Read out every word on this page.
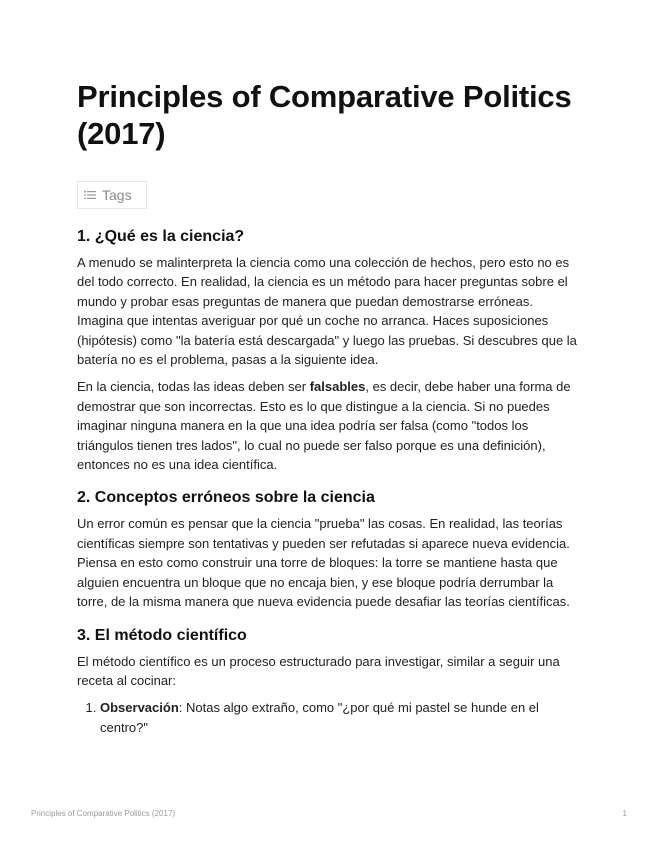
Principles of Comparative Politics (2017)
Tags
1. ¿Qué es la ciencia?

A menudo se malinterpreta la ciencia como una colección de hechos, pero esto no es del todo correcto. En realidad, la ciencia es un método para hacer preguntas sobre el mundo y probar esas preguntas de manera que puedan demostrarse erróneas. Imagina que intentas averiguar por qué un coche no arranca. Haces suposiciones (hipótesis) como "la batería está descargada" y luego las pruebas. Si descubres que la batería no es el problema, pasas a la siguiente idea.

En la ciencia, todas las ideas deben ser falsables, es decir, debe haber una forma de demostrar que son incorrectas. Esto es lo que distingue a la ciencia. Si no puedes imaginar ninguna manera en la que una idea podría ser falsa (como "todos los triángulos tienen tres lados", lo cual no puede ser falso porque es una definición), entonces no es una idea científica.

2. Conceptos erróneos sobre la ciencia

Un error común es pensar que la ciencia "prueba" las cosas. En realidad, las teorías científicas siempre son tentativas y pueden ser refutadas si aparece nueva evidencia. Piensa en esto como construir una torre de bloques: la torre se mantiene hasta que alguien encuentra un bloque que no encaja bien, y ese bloque podría derrumbar la torre, de la misma manera que nueva evidencia puede desafiar las teorías científicas.

3. El método científico

El método científico es un proceso estructurado para investigar, similar a seguir una receta al cocinar:

1. Observación: Notas algo extraño, como "¿por qué mi pastel se hunde en el centro?"
Principles of Comparative Politics (2017)	1
